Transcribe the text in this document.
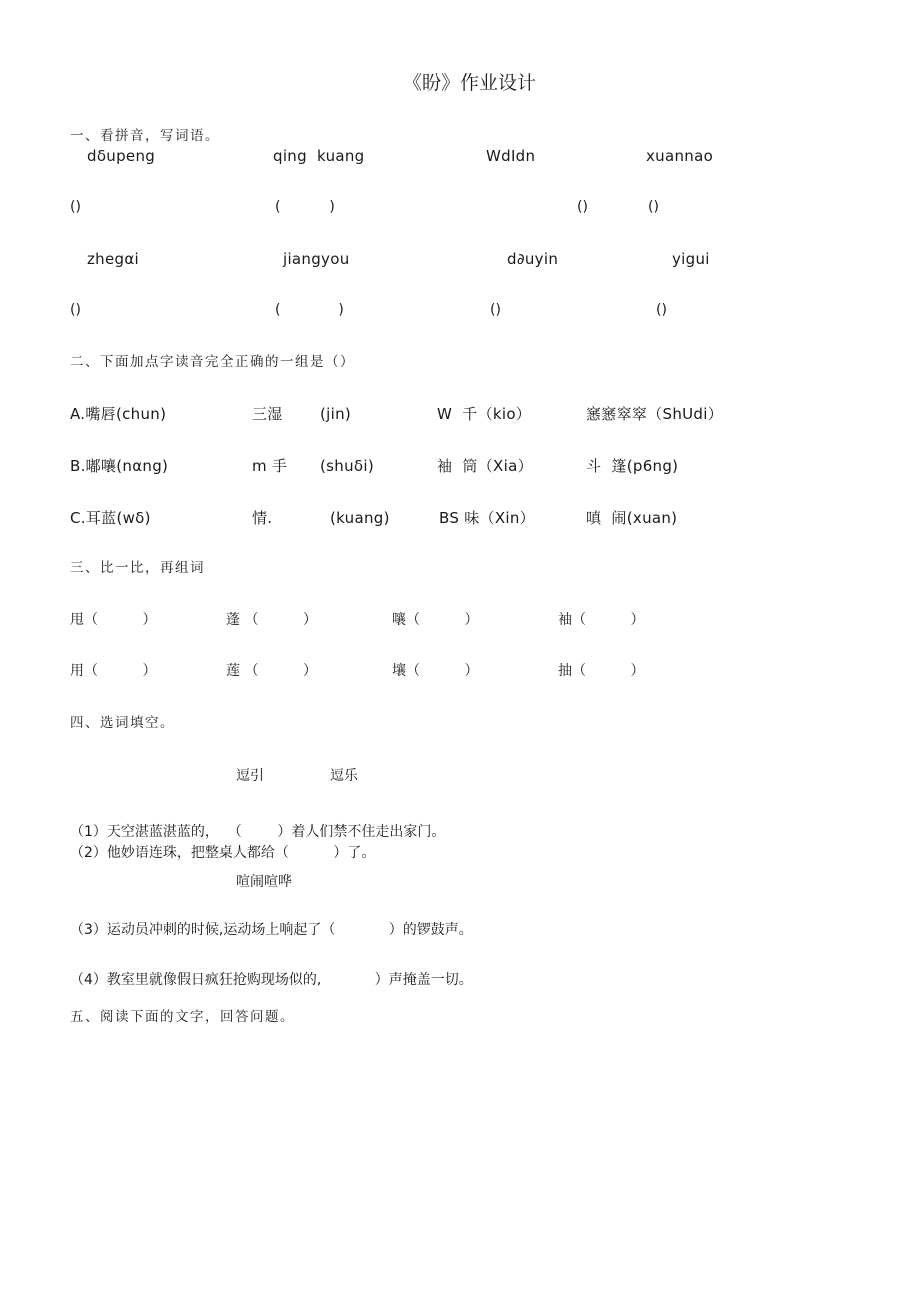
《盼》作业设计
一、看拼音，写词语。
dδupeng	qing  kuang	WdIdn	xuannao
()	(           )	()	()
zhegαi	jiangyou	d∂uyin	yigui
()	(             )	()	()
二、下面加点字读音完全正确的一组是（）
A.嘴唇(chun)	三湿 (jin)	W  千（kio）	窸窸窣窣（ShUdi）
B.嘟嚷(nαng)	m 手 (shuδi)	袖  筒（Xia）	斗  篷(p6ng)
C.耳蓝(wδ)	情.	(kuang)	BS 味（Xin）	嗔  闹(xuan)
三、比一比，再组词
甩（          ）	蓬 （          ）	嚷（          ）	袖（          ）
用（          ）	莲 （          ）	壤（          ）	抽（          ）
四、选词填空。
逗引	逗乐
（1）天空湛蓝湛蓝的，  （        ）着人们禁不住走出家门。
（2）他妙语连珠，把整桌人都给（          ）了。
喧闹喧哗
（3）运动员冲刺的时候,运动场上响起了（            ）的锣鼓声。
（4）教室里就像假日疯狂抢购现场似的,            ）声掩盖一切。
五、阅读下面的文字，回答问题。
